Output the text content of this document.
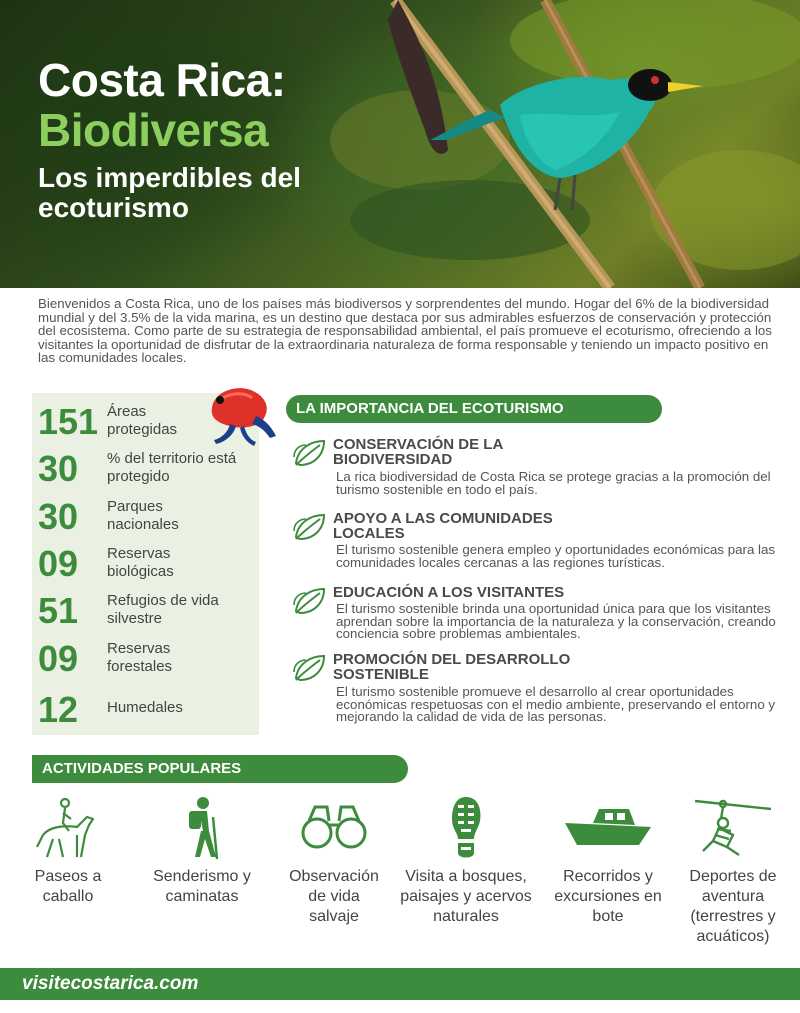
Costa Rica:
Biodiversa
Los imperdibles del ecoturismo
Bienvenidos a Costa Rica, uno de los países más biodiversos y sorprendentes del mundo. Hogar del 6% de la biodiversidad mundial y del 3.5% de la vida marina, es un destino que destaca por sus admirables esfuerzos de conservación y protección del ecosistema. Como parte de su estrategia de responsabilidad ambiental, el país promueve el ecoturismo, ofreciendo a los visitantes la oportunidad de disfrutar de la extraordinaria naturaleza de forma responsable y teniendo un impacto positivo en las comunidades locales.
151 Áreas protegidas
30	% del territorio está protegido
30	Parques nacionales
09	Reservas biológicas
51	Refugios de vida silvestre
09	Reservas forestales
12	Humedales
LA IMPORTANCIA DEL ECOTURISMO
CONSERVACIÓN DE LA BIODIVERSIDAD
La rica biodiversidad de Costa Rica se protege gracias a la promoción del turismo sostenible en todo el país.
APOYO A LAS COMUNIDADES LOCALES
El turismo sostenible genera empleo y oportunidades económicas para las comunidades locales cercanas a las regiones turísticas.
EDUCACIÓN A LOS VISITANTES
El turismo sostenible brinda una oportunidad única para que los visitantes aprendan sobre la importancia de la naturaleza y la conservación, creando conciencia sobre problemas ambientales.
PROMOCIÓN DEL DESARROLLO SOSTENIBLE
El turismo sostenible promueve el desarrollo al crear oportunidades económicas respetuosas con el medio ambiente, preservando el entorno y mejorando la calidad de vida de las personas.
ACTIVIDADES POPULARES
Paseos a caballo
Senderismo y caminatas
Observación de vida salvaje
Visita a bosques, paisajes y acervos naturales
Recorridos y excursiones en bote
Deportes de aventura (terrestres y acuáticos)
visitecostarica.com
